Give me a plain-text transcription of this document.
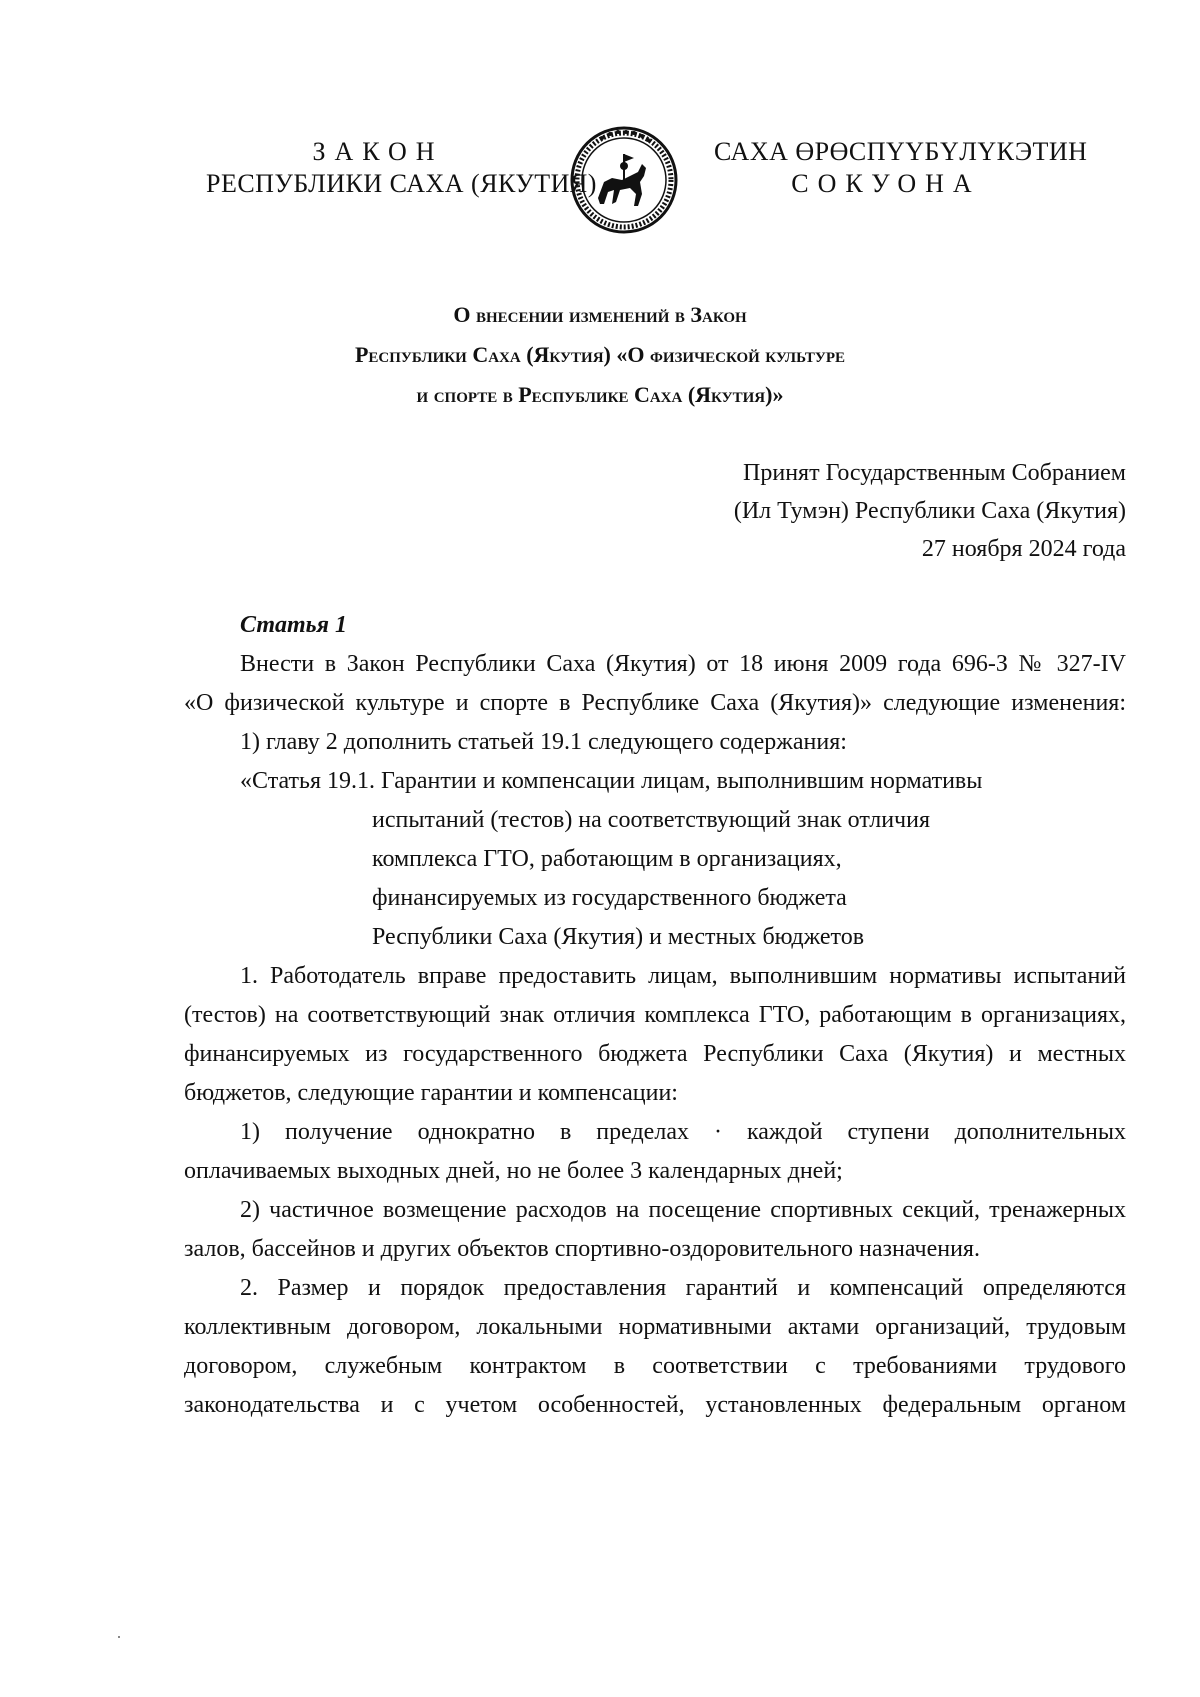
ЗАКОН
РЕСПУБЛИКИ САХА (ЯКУТИЯ)
САХА ӨРӨСПҮҮБҮЛҮКЭТИН
СОКУОНА
О внесении изменений в Закон
Республики Саха (Якутия) «О физической культуре
и спорте в Республике Саха (Якутия)»
Принят Государственным Собранием
(Ил Тумэн) Республики Саха (Якутия)
27 ноября 2024 года
Статья 1
Внести в Закон Республики Саха (Якутия) от 18 июня 2009 года 696-З № 327-IV
«О физической культуре и спорте в Республике Саха (Якутия)» следующие изменения:
1) главу 2 дополнить статьей 19.1 следующего содержания:
«Статья 19.1. Гарантии и компенсации лицам, выполнившим нормативы
испытаний (тестов) на соответствующий знак отличия
комплекса ГТО, работающим в организациях,
финансируемых из государственного бюджета
Республики Саха (Якутия) и местных бюджетов
1. Работодатель вправе предоставить лицам, выполнившим нормативы испытаний
(тестов) на соответствующий знак отличия комплекса ГТО, работающим в организациях,
финансируемых из государственного бюджета Республики Саха (Якутия) и местных
бюджетов, следующие гарантии и компенсации:
1) получение однократно в пределах · каждой ступени дополнительных
оплачиваемых выходных дней, но не более 3 календарных дней;
2) частичное возмещение расходов на посещение спортивных секций, тренажерных
залов, бассейнов и других объектов спортивно-оздоровительного назначения.
2. Размер и порядок предоставления гарантий и компенсаций определяются
коллективным договором, локальными нормативными актами организаций, трудовым
договором, служебным контрактом в соответствии с требованиями трудового
законодательства и с учетом особенностей, установленных федеральным органом
